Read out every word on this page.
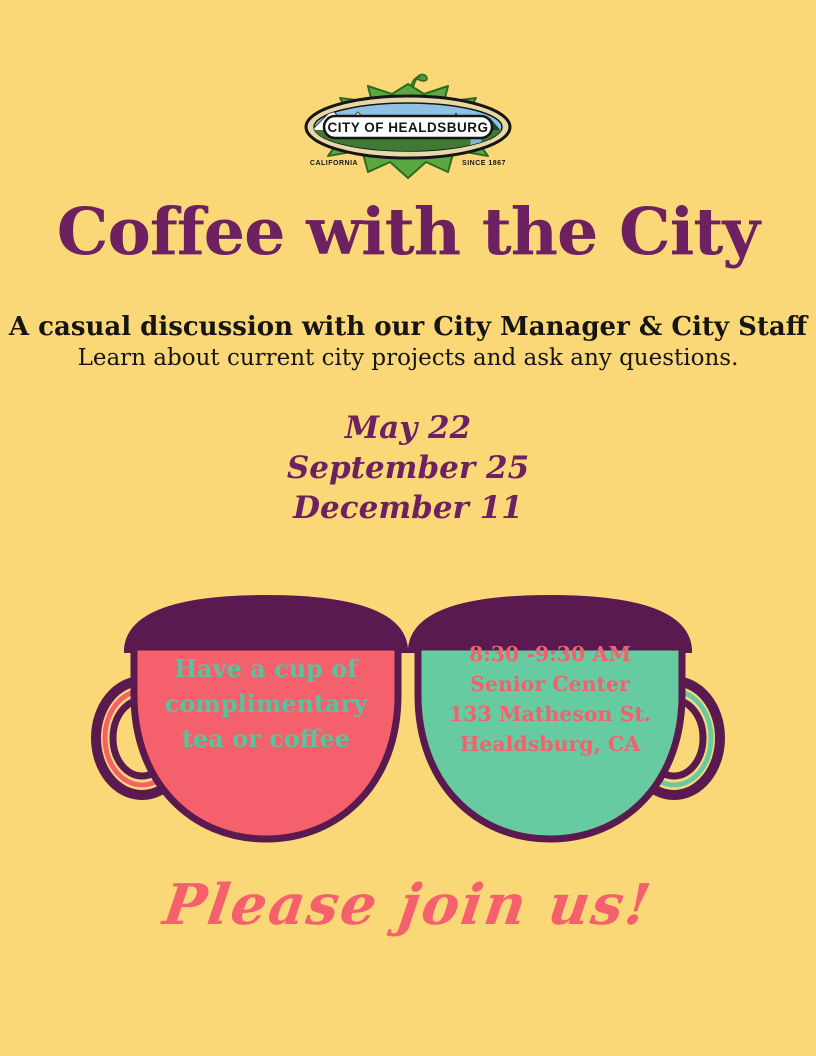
CITY OF HEALDSBURG
CALIFORNIA	SINCE 1867
Coffee with the City
A casual discussion with our City Manager & City Staff
Learn about current city projects and ask any questions.
May 22
September 25
December 11
Have a cup of
complimentary
tea or coffee
8:30 -9:30 AM
Senior Center
133 Matheson St.
Healdsburg, CA
Please join us!
